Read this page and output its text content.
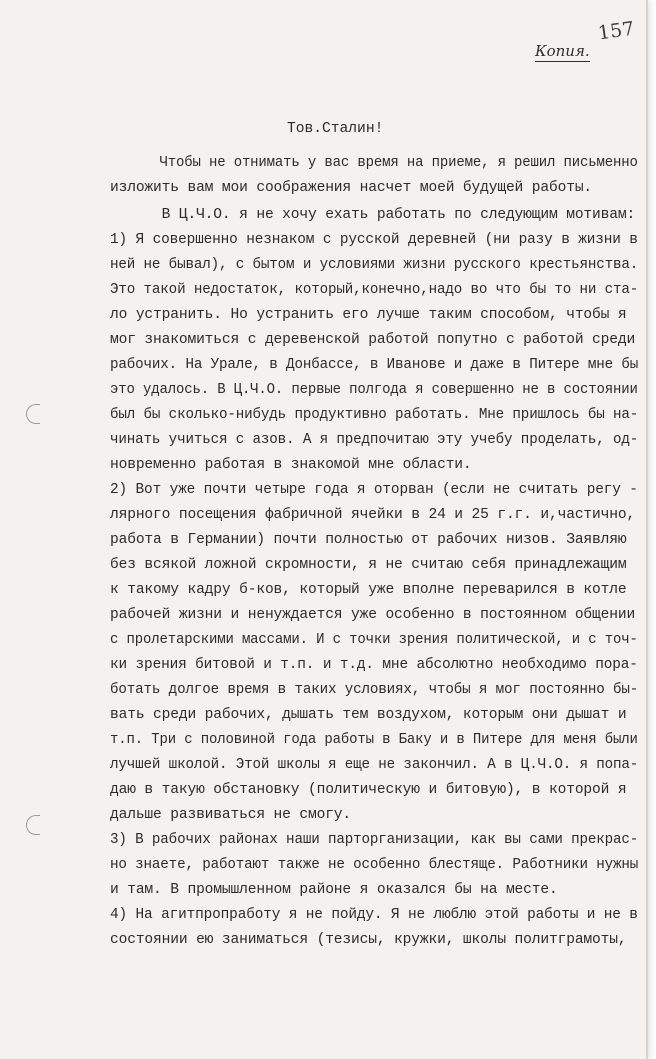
157
Копия.
Тов.Сталин!
Чтобы не отнимать у вас время на приеме, я решил письменно
изложить вам мои соображения насчет моей будущей работы.
В Ц.Ч.О. я не хочу ехать работать по следующим мотивам:
1) Я совершенно незнаком с русской деревней (ни разу в жизни в
ней не бывал), с бытом и условиями жизни русского крестьянства.
Это такой недостаток, который,конечно,надо во что бы то ни ста-
ло устранить. Но устранить его лучше таким способом, чтобы я
мог знакомиться с деревенской работой попутно с работой среди
рабочих. На Урале, в Донбассе, в Иванове и даже в Питере мне бы
это удалось. В Ц.Ч.О. первые полгода я совершенно не в состоянии
был бы сколько-нибудь продуктивно работать. Мне пришлось бы на-
чинать учиться с азов. А я предпочитаю эту учебу проделать, од-
новременно работая в знакомой мне области.
2) Вот уже почти четыре года я оторван (если не считать регу -
лярного посещения фабричной ячейки в 24 и 25 г.г. и,частично,
работа в Германии) почти полностью от рабочих низов. Заявляю
без всякой ложной скромности, я не считаю себя принадлежащим
к такому кадру б-ков, который уже вполне переварился в котле
рабочей жизни и ненуждается уже особенно в постоянном общении
с пролетарскими массами. И с точки зрения политической, и с точ-
ки зрения битовой и т.п. и т.д. мне абсолютно необходимо пора-
ботать долгое время в таких условиях, чтобы я мог постоянно бы-
вать среди рабочих, дышать тем воздухом, которым они дышат и
т.п. Три с половиной года работы в Баку и в Питере для меня были
лучшей школой. Этой школы я еще не закончил. А в Ц.Ч.О. я попа-
даю в такую обстановку (политическую и битовую), в которой я
дальше развиваться не смогу.
3) В рабочих районах наши парторганизации, как вы сами прекрас-
но знаете, работают также не особенно блестяще. Работники нужны
и там. В промышленном районе я оказался бы на месте.
4) На агитпропработу я не пойду. Я не люблю этой работы и не в
состоянии ею заниматься (тезисы, кружки, школы политграмоты,
